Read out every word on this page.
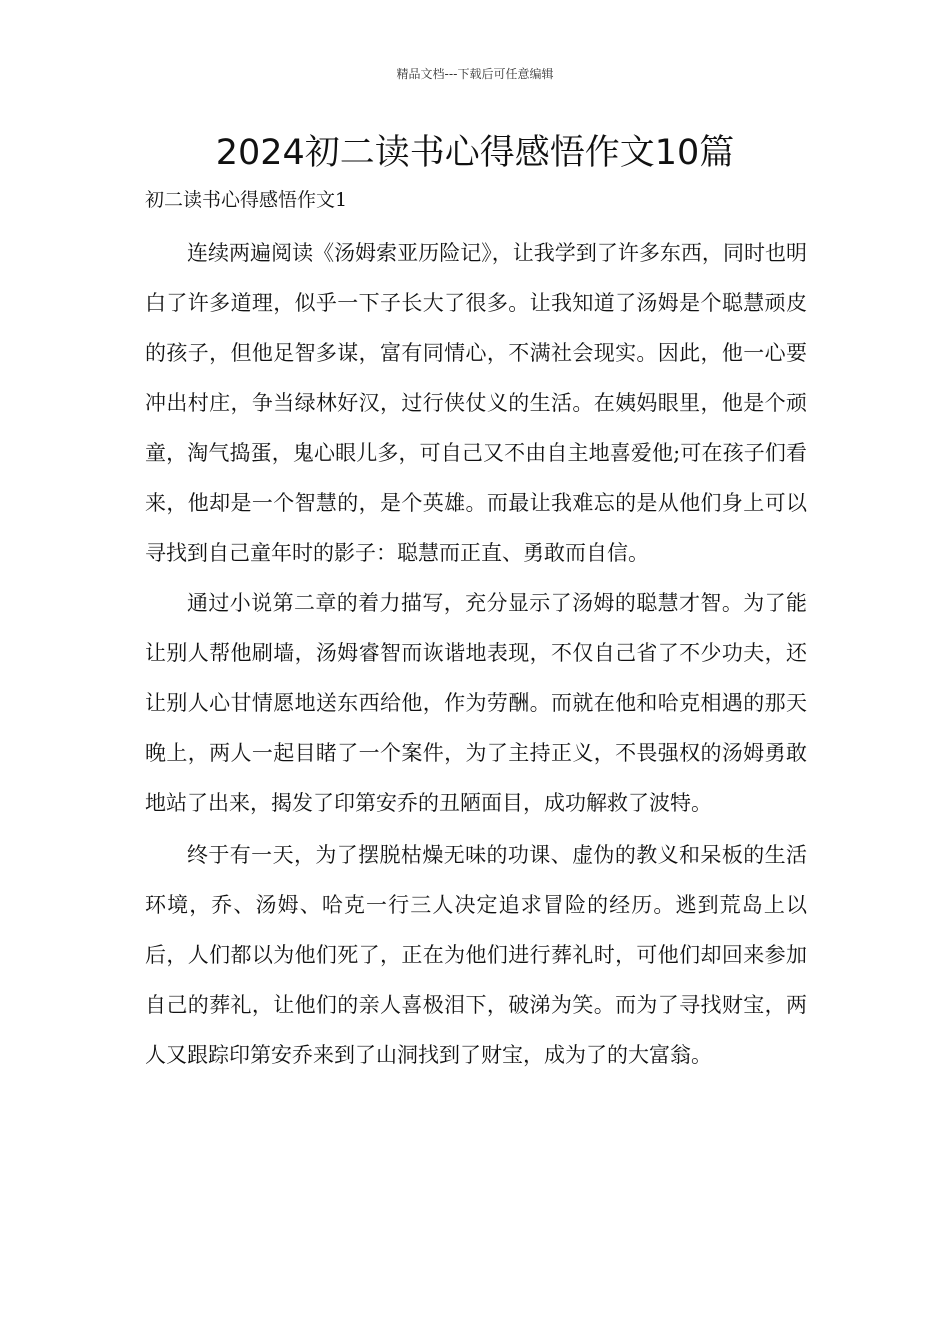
精品文档---下载后可任意编辑
2024初二读书心得感悟作文10篇
初二读书心得感悟作文1

连续两遍阅读《汤姆索亚历险记》，让我学到了许多东西，同时也明白了许多道理，似乎一下子长大了很多。让我知道了汤姆是个聪慧顽皮的孩子，但他足智多谋，富有同情心，不满社会现实。因此，他一心要冲出村庄，争当绿林好汉，过行侠仗义的生活。在姨妈眼里，他是个顽童，淘气捣蛋，鬼心眼儿多，可自己又不由自主地喜爱他;可在孩子们看来，他却是一个智慧的，是个英雄。而最让我难忘的是从他们身上可以寻找到自己童年时的影子：聪慧而正直、勇敢而自信。

通过小说第二章的着力描写，充分显示了汤姆的聪慧才智。为了能让别人帮他刷墙，汤姆睿智而诙谐地表现，不仅自己省了不少功夫，还让别人心甘情愿地送东西给他，作为劳酬。而就在他和哈克相遇的那天晚上，两人一起目睹了一个案件，为了主持正义，不畏强权的汤姆勇敢地站了出来，揭发了印第安乔的丑陋面目，成功解救了波特。

终于有一天，为了摆脱枯燥无味的功课、虚伪的教义和呆板的生活环境，乔、汤姆、哈克一行三人决定追求冒险的经历。逃到荒岛上以后，人们都以为他们死了，正在为他们进行葬礼时，可他们却回来参加自己的葬礼，让他们的亲人喜极泪下，破涕为笑。而为了寻找财宝，两人又跟踪印第安乔来到了山洞找到了财宝，成为了的大富翁。
